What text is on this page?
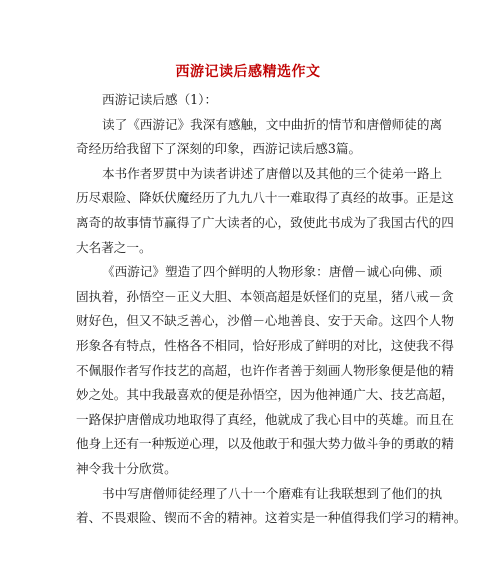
西游记读后感精选作文
西游记读后感（1）：
读了《西游记》我深有感触，文中曲折的情节和唐僧师徒的离
奇经历给我留下了深刻的印象，西游记读后感3篇。
本书作者罗贯中为读者讲述了唐僧以及其他的三个徒弟一路上
历尽艰险、降妖伏魔经历了九九八十一难取得了真经的故事。正是这
离奇的故事情节赢得了广大读者的心，致使此书成为了我国古代的四
大名著之一。
《西游记》塑造了四个鲜明的人物形象：唐僧－诚心向佛、顽
固执着，孙悟空－正义大胆、本领高超是妖怪们的克星，猪八戒－贪
财好色，但又不缺乏善心，沙僧－心地善良、安于天命。这四个人物
形象各有特点，性格各不相同，恰好形成了鲜明的对比，这使我不得
不佩服作者写作技艺的高超，也许作者善于刻画人物形象便是他的精
妙之处。其中我最喜欢的便是孙悟空，因为他神通广大、技艺高超，
一路保护唐僧成功地取得了真经，他就成了我心目中的英雄。而且在
他身上还有一种叛逆心理，以及他敢于和强大势力做斗争的勇敢的精
神令我十分欣赏。
书中写唐僧师徒经理了八十一个磨难有让我联想到了他们的执
着、不畏艰险、锲而不舍的精神。这着实是一种值得我们学习的精神。
